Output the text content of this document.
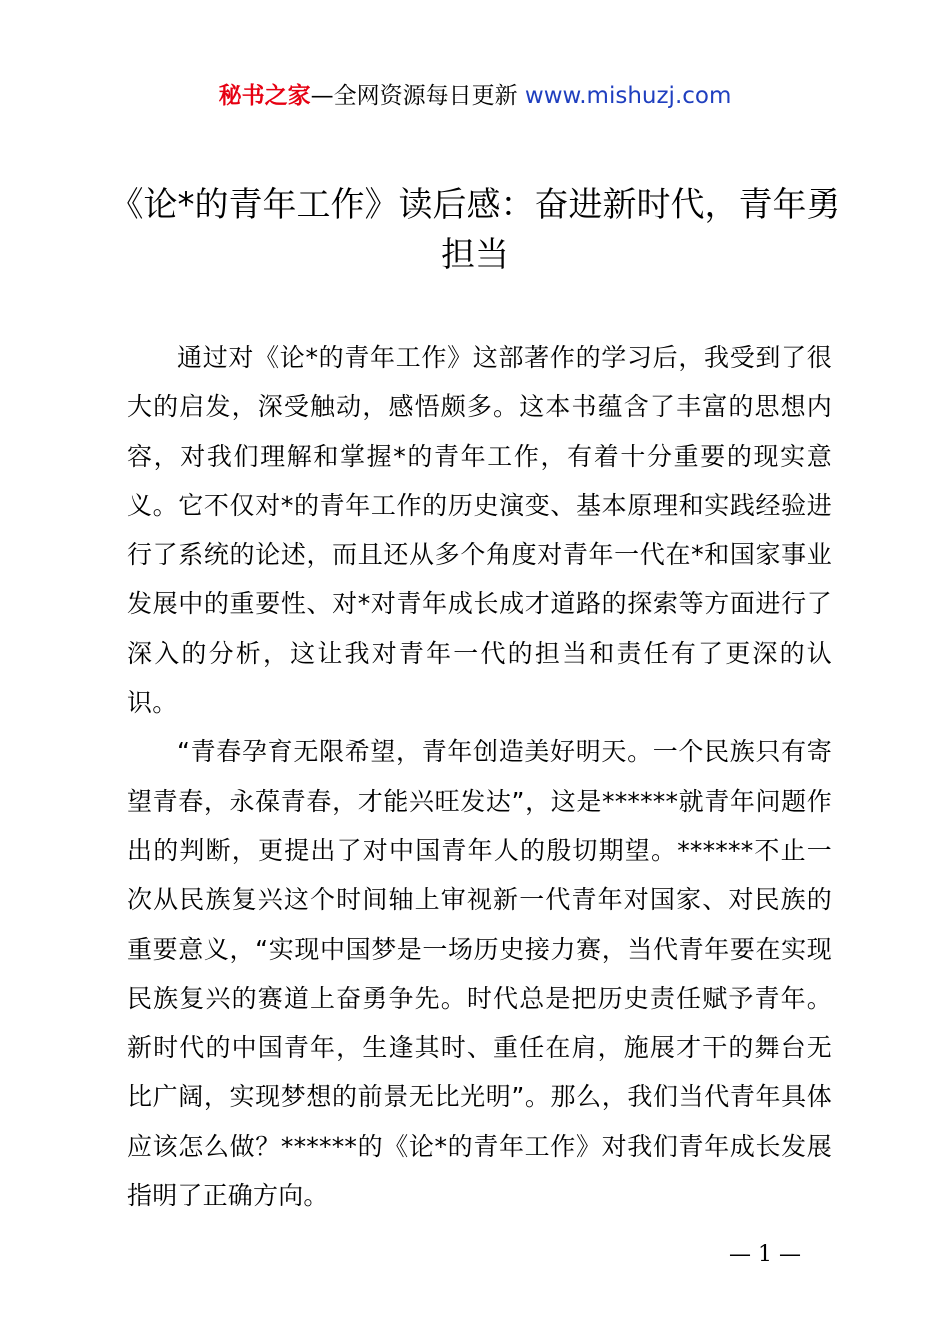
秘书之家—全网资源每日更新 www.mishuzj.com
《论*的青年工作》读后感：奋进新时代，青年勇担当

通过对《论*的青年工作》这部著作的学习后，我受到了很大的启发，深受触动，感悟颇多。这本书蕴含了丰富的思想内容，对我们理解和掌握*的青年工作，有着十分重要的现实意义。它不仅对*的青年工作的历史演变、基本原理和实践经验进行了系统的论述，而且还从多个角度对青年一代在*和国家事业发展中的重要性、对*对青年成长成才道路的探索等方面进行了深入的分析，这让我对青年一代的担当和责任有了更深的认识。

“青春孕育无限希望，青年创造美好明天。一个民族只有寄望青春，永葆青春，才能兴旺发达”，这是******就青年问题作出的判断，更提出了对中国青年人的殷切期望。******不止一次从民族复兴这个时间轴上审视新一代青年对国家、对民族的重要意义，“实现中国梦是一场历史接力赛，当代青年要在实现民族复兴的赛道上奋勇争先。时代总是把历史责任赋予青年。新时代的中国青年，生逢其时、重任在肩，施展才干的舞台无比广阔，实现梦想的前景无比光明”。那么，我们当代青年具体应该怎么做？******的《论*的青年工作》对我们青年成长发展指明了正确方向。

— 1 —
